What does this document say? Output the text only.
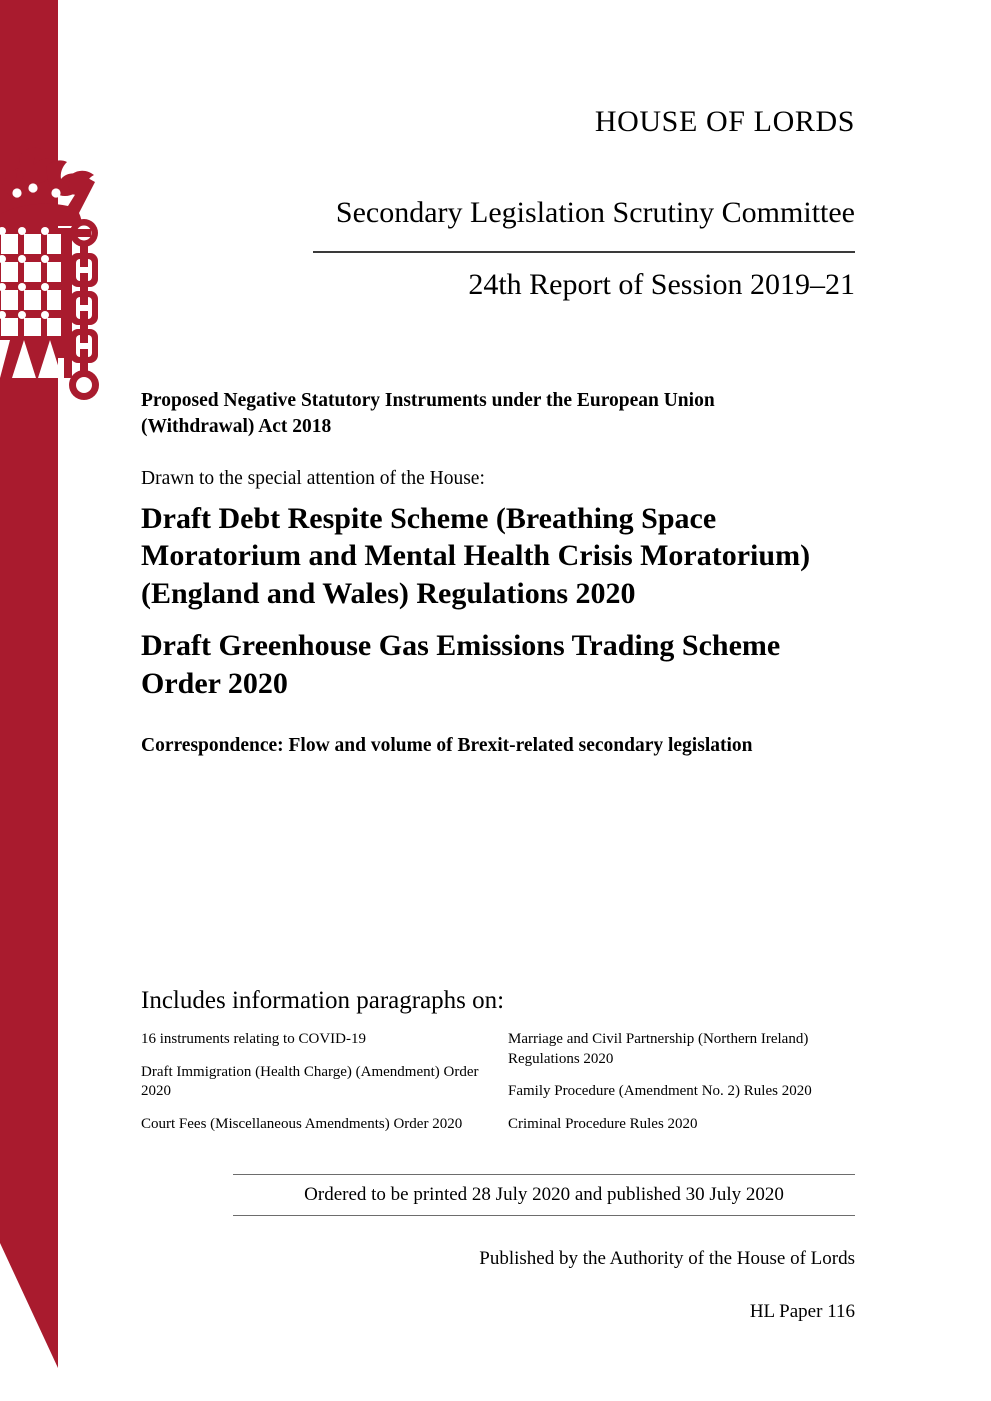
HOUSE OF LORDS
Secondary Legislation Scrutiny Committee
24th Report of Session 2019–21

Proposed Negative Statutory Instruments under the European Union (Withdrawal) Act 2018

Drawn to the special attention of the House:

Draft Debt Respite Scheme (Breathing Space Moratorium and Mental Health Crisis Moratorium) (England and Wales) Regulations 2020

Draft Greenhouse Gas Emissions Trading Scheme Order 2020

Correspondence: Flow and volume of Brexit-related secondary legislation

Includes information paragraphs on:

16 instruments relating to COVID-19

Draft Immigration (Health Charge) (Amendment) Order 2020

Court Fees (Miscellaneous Amendments) Order 2020

Marriage and Civil Partnership (Northern Ireland) Regulations 2020

Family Procedure (Amendment No. 2) Rules 2020

Criminal Procedure Rules 2020

Ordered to be printed 28 July 2020 and published 30 July 2020
Published by the Authority of the House of Lords
HL Paper 116
